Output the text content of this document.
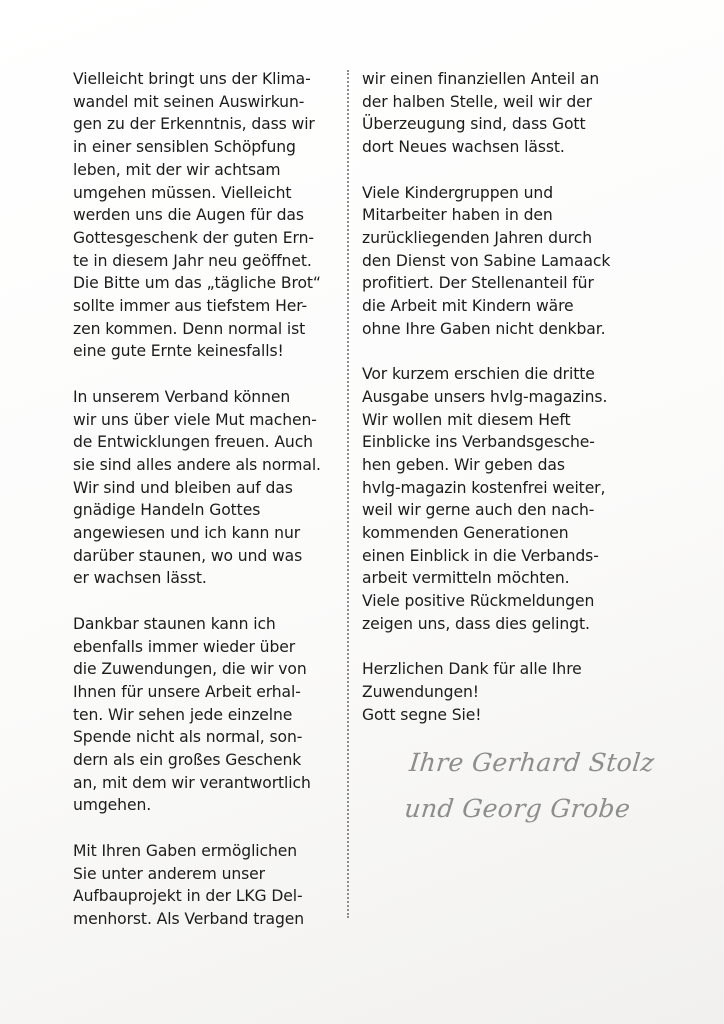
Vielleicht bringt uns der Klima-
wandel mit seinen Auswirkun-
gen zu der Erkenntnis, dass wir
in einer sensiblen Schöpfung
leben, mit der wir achtsam
umgehen müssen. Vielleicht
werden uns die Augen für das
Gottesgeschenk der guten Ern-
te in diesem Jahr neu geöffnet.
Die Bitte um das „tägliche Brot“
sollte immer aus tiefstem Her-
zen kommen. Denn normal ist
eine gute Ernte keinesfalls!

In unserem Verband können
wir uns über viele Mut machen-
de Entwicklungen freuen. Auch
sie sind alles andere als normal.
Wir sind und bleiben auf das
gnädige Handeln Gottes
angewiesen und ich kann nur
darüber staunen, wo und was
er wachsen lässt.

Dankbar staunen kann ich
ebenfalls immer wieder über
die Zuwendungen, die wir von
Ihnen für unsere Arbeit erhal-
ten. Wir sehen jede einzelne
Spende nicht als normal, son-
dern als ein großes Geschenk
an, mit dem wir verantwortlich
umgehen.

Mit Ihren Gaben ermöglichen
Sie unter anderem unser
Aufbauprojekt in der LKG Del-
menhorst. Als Verband tragen

wir einen finanziellen Anteil an
der halben Stelle, weil wir der
Überzeugung sind, dass Gott
dort Neues wachsen lässt.

Viele Kindergruppen und
Mitarbeiter haben in den
zurückliegenden Jahren durch
den Dienst von Sabine Lamaack
profitiert. Der Stellenanteil für
die Arbeit mit Kindern wäre
ohne Ihre Gaben nicht denkbar.

Vor kurzem erschien die dritte
Ausgabe unsers hvlg-magazins.
Wir wollen mit diesem Heft
Einblicke ins Verbandsgesche-
hen geben. Wir geben das
hvlg-magazin kostenfrei weiter,
weil wir gerne auch den nach-
kommenden Generationen
einen Einblick in die Verbands-
arbeit vermitteln möchten.
Viele positive Rückmeldungen
zeigen uns, dass dies gelingt.

Herzlichen Dank für alle Ihre
Zuwendungen!
Gott segne Sie!

Ihre Gerhard Stolz
und Georg Grobe
